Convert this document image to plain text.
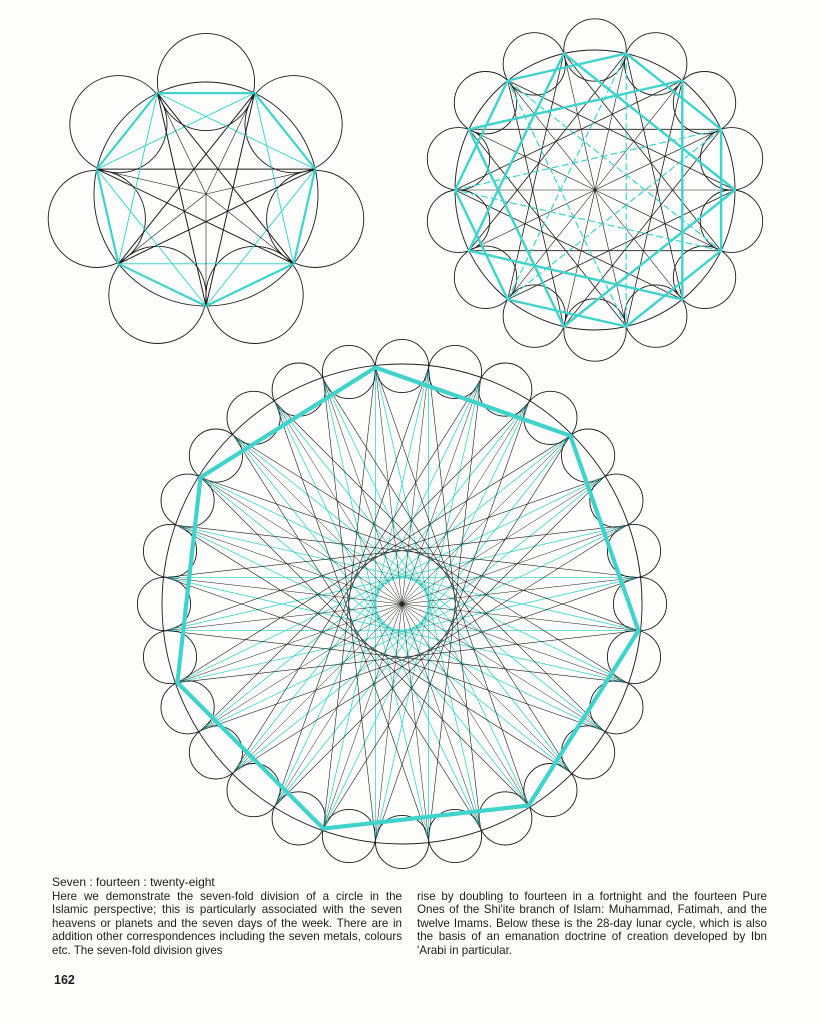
Seven : fourteen : twenty-eight
Here we demonstrate the seven-fold division of a circle in the Islamic perspective; this is particularly associated with the seven heavens or planets and the seven days of the week. There are in addition other correspondences including the seven metals, colours etc. The seven-fold division gives
rise by doubling to fourteen in a fortnight and the fourteen Pure Ones of the Shi'ite branch of Islam: Muhammad, Fatimah, and the twelve Imams. Below these is the 28-day lunar cycle, which is also the basis of an emanation doctrine of creation developed by Ibn 'Arabi in particular.
162
